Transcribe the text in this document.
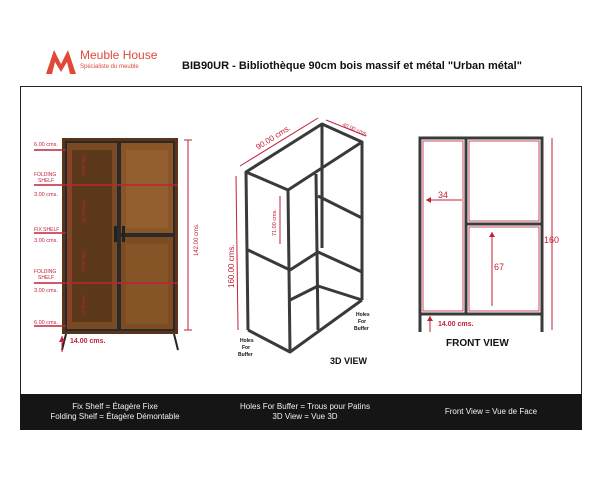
Meuble House
Spécialiste du meuble	BIB90UR - Bibliothèque 90cm bois massif et métal "Urban métal"
6.00 cms.
FOLDING
SHELF
3.00 cms.
FIX SHELF
3.00 cms.
FOLDING
SHELF
3.00 cms.
6.00 cms.
35.00 cms.
32.00 cms.
32.00 cms.
32.00 cms.
142.00 cms.
14.00 cms.
90.00 cms.	40.00 cms.
160.00 cms.
71.00 cms.
Holes
For
Buffer
Holes
For
Buffer
3D VIEW
34
67
160
14.00 cms.
FRONT VIEW
Fix Shelf = Étagère Fixe
Folding Shelf = Étagère Démontable
Holes For Buffer = Trous pour Patins
3D View = Vue 3D
Front View = Vue de Face
